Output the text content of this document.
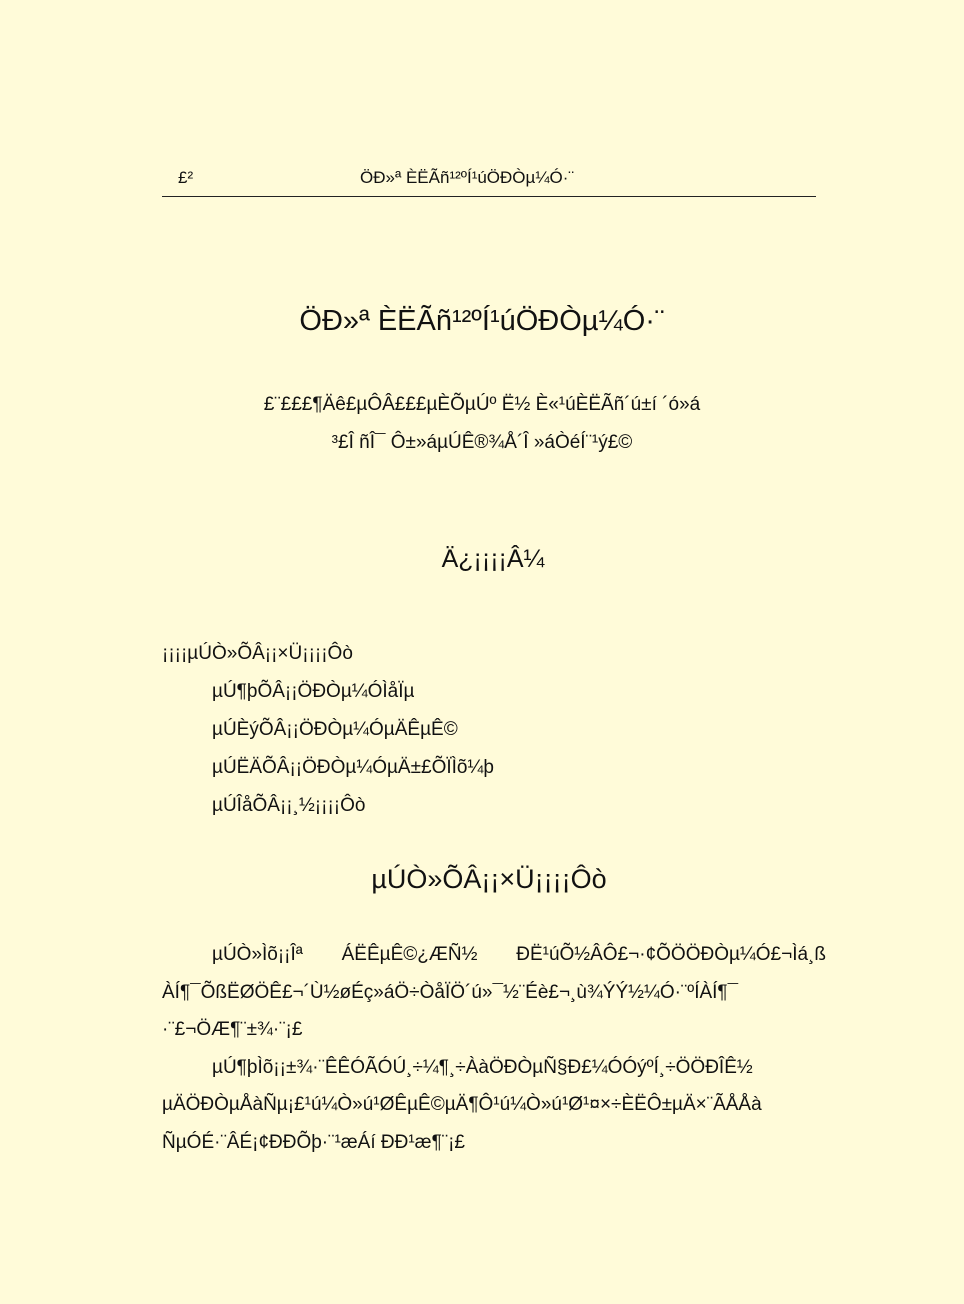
£²	ÖÐ»ª ÈËÃñ¹²ºÍ¹úÖÐÒµ¼Ó·¨
ÖÐ»ª ÈËÃñ¹²ºÍ¹úÖÐÒµ¼Ó·¨
£¨£££¶Äê£µÔÂ£££µÈÕµÚº Ë½ È«¹úÈËÃñ´ú±í ´ó»á
³£Î ñÎ¯ Ô±»áµÚÊ®¾Å´Î »áÒéÍ¨¹ý£©
Ä¿¡¡¡¡Â¼
¡¡¡¡µÚÒ»ÕÂ¡¡×Ü¡¡¡¡Ôò
µÚ¶þÕÂ¡¡ÖÐÒµ¼ÓÌåÏµ
µÚÈýÕÂ¡¡ÖÐÒµ¼ÓµÄÊµÊ©
µÚËÄÕÂ¡¡ÖÐÒµ¼ÓµÄ±£ÕÏÌõ¼þ
µÚÎåÕÂ¡¡¸½¡¡¡¡Ôò
µÚÒ»ÕÂ¡¡×Ü¡¡¡¡Ôò
µÚÒ»Ìõ¡¡Îª ÁËÊµÊ©¿ÆÑ½ ÐË¹úÕ½ÂÔ£¬·¢ÕÖÖÐÒµ¼Ó£¬Ìá¸ß
ÀÍ¶¯ÕßËØÖÊ£¬´Ù½øÉç»áÖ÷ÒåÏÖ´ú»¯½¨Éè£¬¸ù¾ÝÝ½¼Ó·¨ºÍÀÍ¶¯
·¨£¬ÖÆ¶¨±¾·¨¡£
µÚ¶þÌõ¡¡±¾·¨ÊÊÓÃÓÚ¸÷¼¶¸÷ÀàÖÐÒµÑ§Ð£¼ÓÓýºÍ¸÷ÖÖÐÎÊ½
µÄÖÐÒµÅàÑµ¡£¹ú¼Ò»ú¹ØÊµÊ©µÄ¶Ô¹ú¼Ò»ú¹Ø¹¤×÷ÈËÔ±µÄ×¨ÃÅÅà
ÑµÓÉ·¨ÂÉ¡¢ÐÐÕþ·¨¹æÁí ÐÐ¹æ¶¨¡£
